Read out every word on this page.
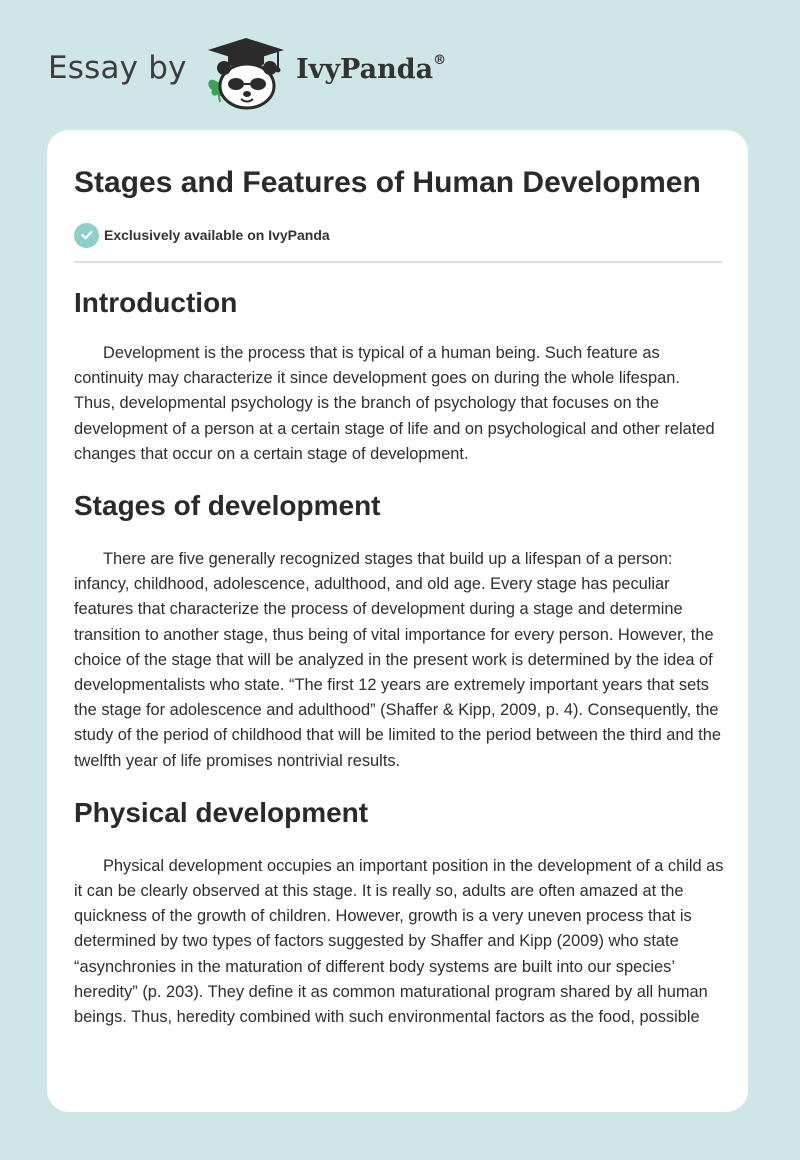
Essay by	IvyPanda®
Stages and Features of Human Developmen
Exclusively available on IvyPanda
Introduction

Development is the process that is typical of a human being. Such feature as continuity may characterize it since development goes on during the whole lifespan. Thus, developmental psychology is the branch of psychology that focuses on the development of a person at a certain stage of life and on psychological and other related changes that occur on a certain stage of development.

Stages of development

There are five generally recognized stages that build up a lifespan of a person: infancy, childhood, adolescence, adulthood, and old age. Every stage has peculiar features that characterize the process of development during a stage and determine transition to another stage, thus being of vital importance for every person. However, the choice of the stage that will be analyzed in the present work is determined by the idea of developmentalists who state. “The first 12 years are extremely important years that sets the stage for adolescence and adulthood” (Shaffer & Kipp, 2009, p. 4). Consequently, the study of the period of childhood that will be limited to the period between the third and the twelfth year of life promises nontrivial results.

Physical development

Physical development occupies an important position in the development of a child as it can be clearly observed at this stage. It is really so, adults are often amazed at the quickness of the growth of children. However, growth is a very uneven process that is determined by two types of factors suggested by Shaffer and Kipp (2009) who state “asynchronies in the maturation of different body systems are built into our species’ heredity” (p. 203). They define it as common maturational program shared by all human beings. Thus, heredity combined with such environmental factors as the food, possible
